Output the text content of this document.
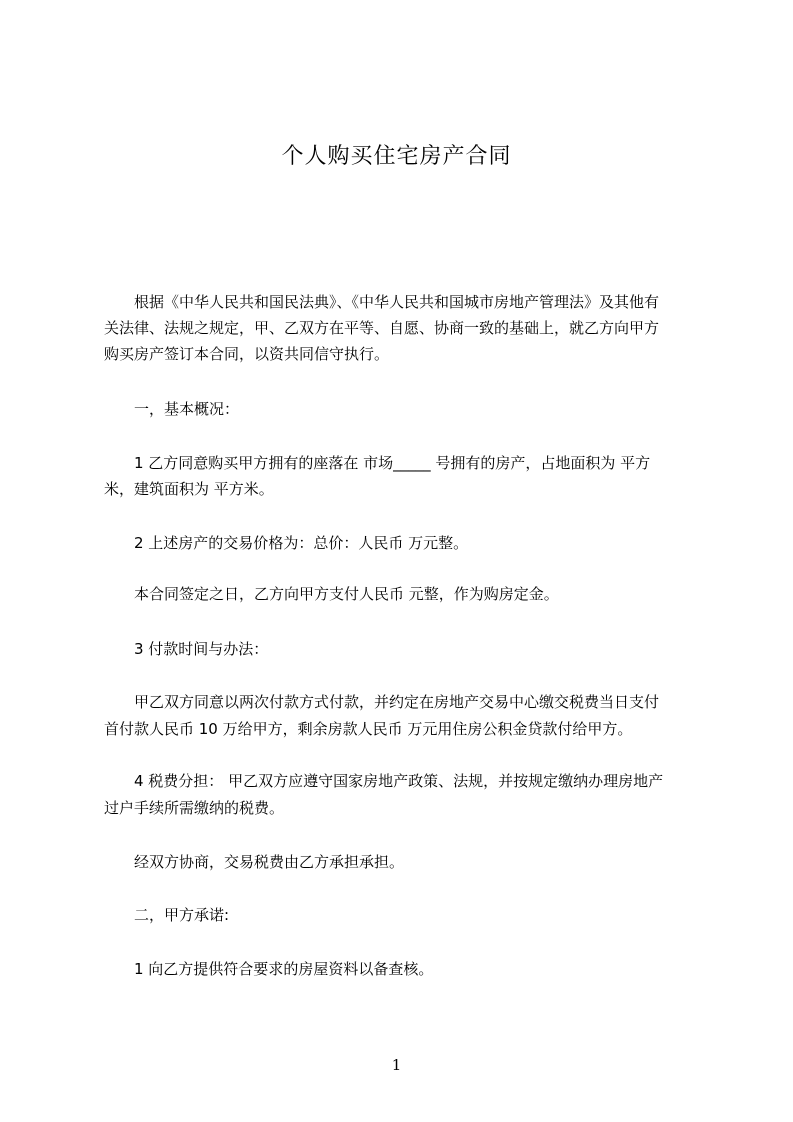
个人购买住宅房产合同

　　根据《中华人民共和国民法典》、《中华人民共和国城市房地产管理法》及其他有

关法律、法规之规定，甲、乙双方在平等、自愿、协商一致的基础上，就乙方向甲方

购买房产签订本合同，以资共同信守执行。

　　一，基本概况：

　　1 乙方同意购买甲方拥有的座落在 市场_____ 号拥有的房产，占地面积为 平方

米，建筑面积为 平方米。

　　2 上述房产的交易价格为：总价：人民币 万元整。

　　本合同签定之日，乙方向甲方支付人民币 元整，作为购房定金。

　　3 付款时间与办法：

　　甲乙双方同意以两次付款方式付款，并约定在房地产交易中心缴交税费当日支付

首付款人民币 10 万给甲方，剩余房款人民币 万元用住房公积金贷款付给甲方。

　　4 税费分担： 甲乙双方应遵守国家房地产政策、法规，并按规定缴纳办理房地产

过户手续所需缴纳的税费。

　　经双方协商，交易税费由乙方承担承担。

　　二，甲方承诺:

　　1 向乙方提供符合要求的房屋资料以备查核。

1
